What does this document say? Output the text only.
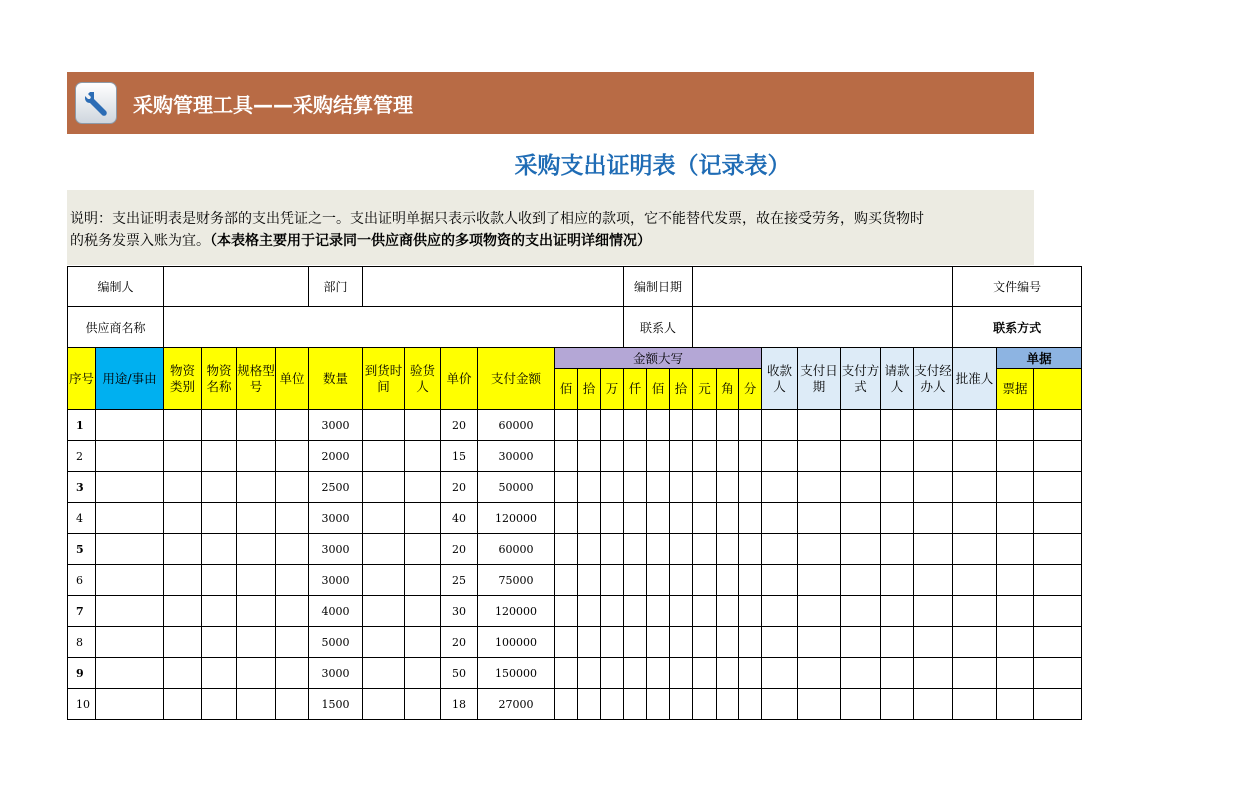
采购管理工具——采购结算管理
采购支出证明表（记录表）
说明：支出证明表是财务部的支出凭证之一。支出证明单据只表示收款人收到了相应的款项，它不能替代发票，故在接受劳务，购买货物时
的税务发票入账为宜。（本表格主要用于记录同一供应商供应的多项物资的支出证明详细情况）
编制人						部门								编制日期											文件编号		
供应商名称														联系人											联系方式		
序号	用途/事由	物资类别	物资名称	规格型号	单位	数量	到货时间	验货人	单价	支付金额	金额大写									收款人	支付日期	支付方式	请款人	支付经办人	批准人	单据	
											佰	拾	万	仟	佰	拾	元	角	分							票据	
1						3000			20	60000																	
2						2000			15	30000																	
3						2500			20	50000																	
4						3000			40	120000																	
5						3000			20	60000																	
6						3000			25	75000																	
7						4000			30	120000																	
8						5000			20	100000																	
9						3000			50	150000																	
10						1500			18	27000																	
